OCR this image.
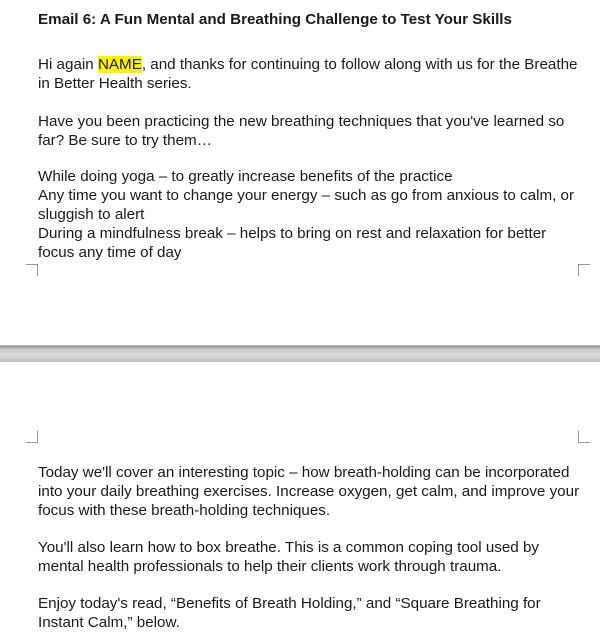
Email 6: A Fun Mental and Breathing Challenge to Test Your Skills

Hi again NAME, and thanks for continuing to follow along with us for the Breathe in Better Health series.

Have you been practicing the new breathing techniques that you've learned so far? Be sure to try them…

While doing yoga – to greatly increase benefits of the practice

Any time you want to change your energy – such as go from anxious to calm, or sluggish to alert

During a mindfulness break – helps to bring on rest and relaxation for better focus any time of day

Today we'll cover an interesting topic – how breath-holding can be incorporated into your daily breathing exercises. Increase oxygen, get calm, and improve your focus with these breath-holding techniques.

You'll also learn how to box breathe. This is a common coping tool used by mental health professionals to help their clients work through trauma.

Enjoy today's read, “Benefits of Breath Holding,” and “Square Breathing for Instant Calm,” below.
